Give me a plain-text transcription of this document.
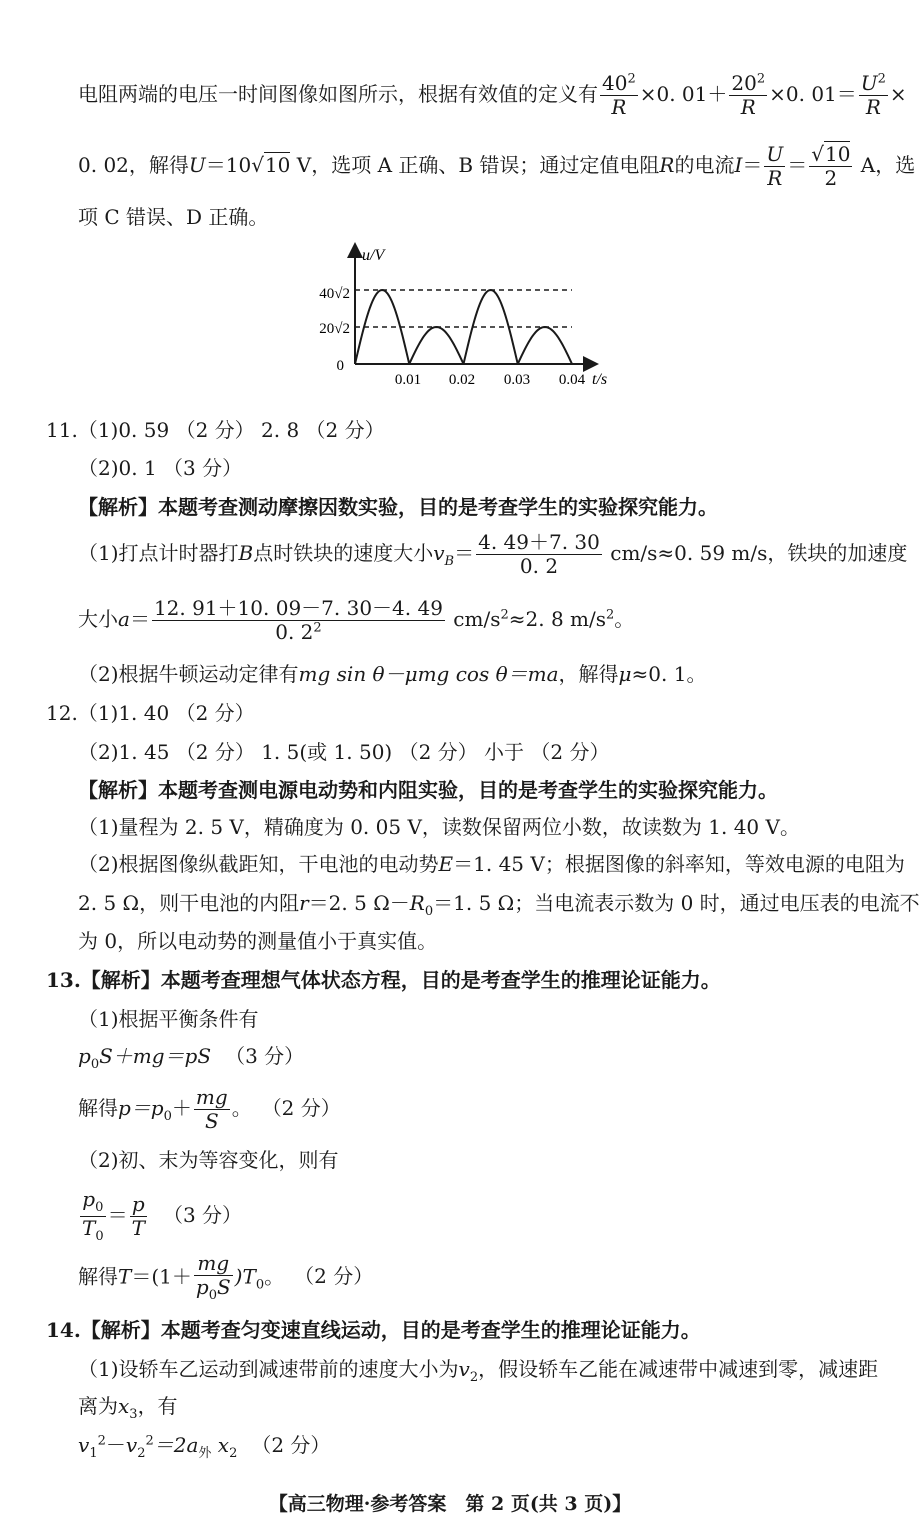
电阻两端的电压一时间图像如图所示，根据有效值的定义有 $\frac{40^2}{R} \times 0$. $01+ \frac{20^2}{R} \times 0$. $01= \frac{U^2}{R}$ ×
0. 02，解得U＝10√10 V，选项 A 正确、B 错误；通过定值电阻R的电流$I= \frac{U}{R} = \frac{√10}{2}$ A，选
项 C 错误、D 正确。
u/V
t/s
0
20√2
40√2
0.01 0.02 0.03 0.04
11.（1)0. 59 （2 分） 2. 8 （2 分）
（2)0. 1 （3 分）
【解析】本题考查测动摩擦因数实验，目的是考查学生的实验探究能力。
（1)打点计时器打B点时铁块的速度大小$v_B= \frac{4. 49+7. 30}{0. 2} cm/s\approx 0$. 59 m/s，铁块的加速度
大小$a= \frac{12. 91+10. 09-7. 30-4. 49}{0. 2^2} cm/s^2\approx 2$. 8 $m/s^2$。
（2)根据牛顿运动定律有mg sin θ－μmg cos θ＝ma，解得μ≈0. 1。
12.（1)1. 40 （2 分）
（2)1. 45 （2 分） 1. 5(或 1. 50) （2 分） 小于 （2 分）
【解析】本题考查测电源电动势和内阻实验，目的是考查学生的实验探究能力。
（1)量程为 2. 5 V，精确度为 0. 05 V，读数保留两位小数，故读数为 1. 40 V。
（2)根据图像纵截距知，干电池的电动势E＝1. 45 V；根据图像的斜率知，等效电源的电阻为
2. 5 Ω，则干电池的内阻r＝2. 5 $\Omega-R_0=1$. 5 Ω；当电流表示数为 0 时，通过电压表的电流不
为 0，所以电动势的测量值小于真实值。
13.【解析】本题考查理想气体状态方程，目的是考查学生的推理论证能力。
（1)根据平衡条件有
$p_0S+mg=pS$ （3 分）
解得$p=p_0+ \frac{mg}{S}$ 。 （2 分）
（2)初、末为等容变化，则有
$\frac{p_0}{T_0} = \frac{p}{T} (3$ 分）
解得$T=(1+ \frac{mg}{p_0S} )T_0$。 （2 分）
14.【解析】本题考查匀变速直线运动，目的是考查学生的推理论证能力。
（1)设轿车乙运动到减速带前的速度大小为$v_2$，假设轿车乙能在减速带中减速到零，减速距
离为$x_3$，有
$v_1^2-v_2^2=2a_外$ $x_2$ （2 分）
【高三物理·参考答案　第 2 页(共 3 页)】
